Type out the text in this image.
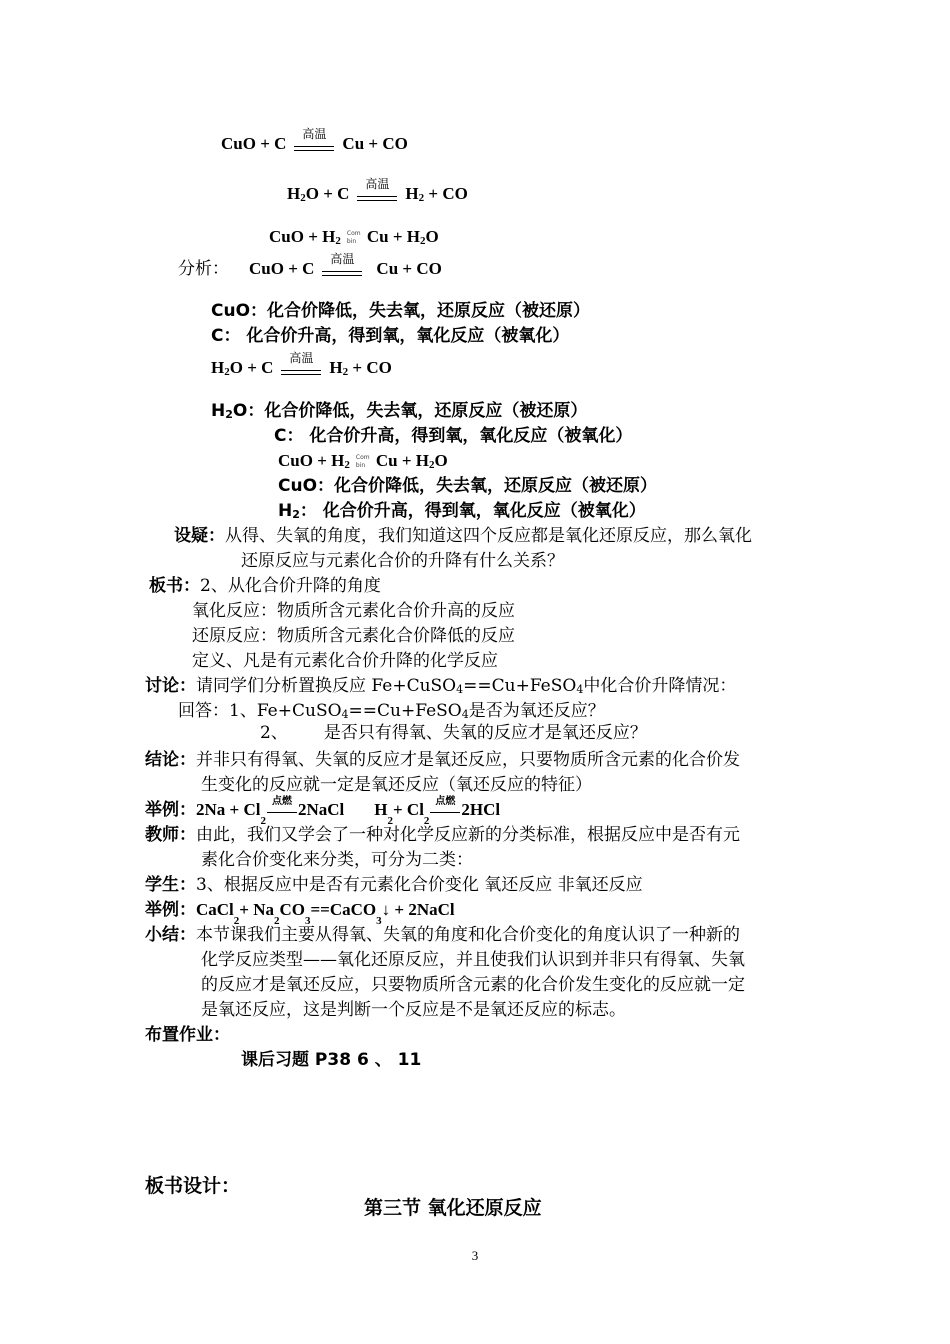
CuO + C	高温 Cu + CO
$H_2O + C$	高温 $H_2$ + CO
CuO + $H_2$
Com
bin $Cu + H_2O$
分析： CuO + C	高温	Cu + CO
CuO：化合价降低，失去氧，还原反应（被还原）
C： 化合价升高，得到氧，氧化反应（被氧化）
$H_2O + C$	高温 $H_2$ + CO
$H_2O$：化合价降低，失去氧，还原反应（被还原）
C： 化合价升高，得到氧，氧化反应（被氧化）
CuO + $H_2$
Com
bin $Cu + H_2O$
CuO：化合价降低，失去氧，还原反应（被还原）
$H_2$： 化合价升高，得到氧，氧化反应（被氧化）
设疑：从得、失氧的角度，我们知道这四个反应都是氧化还原反应，那么氧化
还原反应与元素化合价的升降有什么关系？
板书：2、从化合价升降的角度
氧化反应：物质所含元素化合价升高的反应
还原反应：物质所含元素化合价降低的反应
定义、凡是有元素化合价升降的化学反应
讨论：请同学们分析置换反应 Fe+CuSO$_4$==Cu+FeSO$_4$中化合价升降情况：
回答：1、Fe+CuSO$_4$==Cu+FeSO$_4$是否为氧还反应？
2、 是否只有得氧、失氧的反应才是氧还反应？
结论：并非只有得氧、失氧的反应才是氧还反应，只要物质所含元素的化合价发
生变化的反应就一定是氧还反应（氧还反应的特征）
举例： 2Na + Cl
2
点燃 2NaCl H
2
+ Cl
2
点燃 2HCl
教师：由此，我们又学会了一种对化学反应新的分类标准，根据反应中是否有元
素化合价变化来分类，可分为二类：
学生：3、根据反应中是否有元素化合价变化 氧还反应 非氧还反应
举例： CaCl
2
+ Na
2
CO
3
==CaCO
3
↓ + 2NaCl
小结：本节课我们主要从得氧、失氧的角度和化合价变化的角度认识了一种新的
化学反应类型——氧化还原反应，并且使我们认识到并非只有得氧、失氧
的反应才是氧还反应，只要物质所含元素的化合价发生变化的反应就一定
是氧还反应，这是判断一个反应是不是氧还反应的标志。
布置作业：
课后习题 P38 6 、 11
板书设计：
第三节 氧化还原反应
3
